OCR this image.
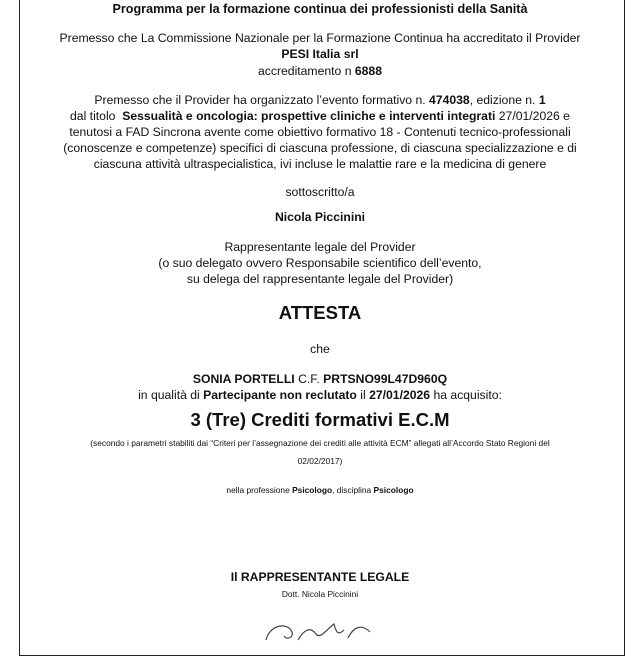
Programma per la formazione continua dei professionisti della Sanità
Premesso che La Commissione Nazionale per la Formazione Continua ha accreditato il Provider
PESI Italia srl
accreditamento n 6888
Premesso che il Provider ha organizzato l’evento formativo n. 474038, edizione n. 1
dal titolo Sessualità e oncologia: prospettive cliniche e interventi integrati 27/01/2026 e
tenutosi a FAD Sincrona avente come obiettivo formativo 18 - Contenuti tecnico-professionali
(conoscenze e competenze) specifici di ciascuna professione, di ciascuna specializzazione e di
ciascuna attività ultraspecialistica, ivi incluse le malattie rare e la medicina di genere
sottoscritto/a
Nicola Piccinini
Rappresentante legale del Provider
(o suo delegato ovvero Responsabile scientifico dell’evento,
su delega del rappresentante legale del Provider)
ATTESTA
che
SONIA PORTELLI C.F. PRTSNO99L47D960Q
in qualità di Partecipante non reclutato il 27/01/2026 ha acquisito:
3 (Tre) Crediti formativi E.C.M
(secondo i parametri stabiliti dai “Criteri per l’assegnazione dei crediti alle attività ECM” allegati all’Accordo Stato Regioni del
02/02/2017)
nella professione Psicologo, disciplina Psicologo
Il RAPPRESENTANTE LEGALE
Dott. Nicola Piccinini
